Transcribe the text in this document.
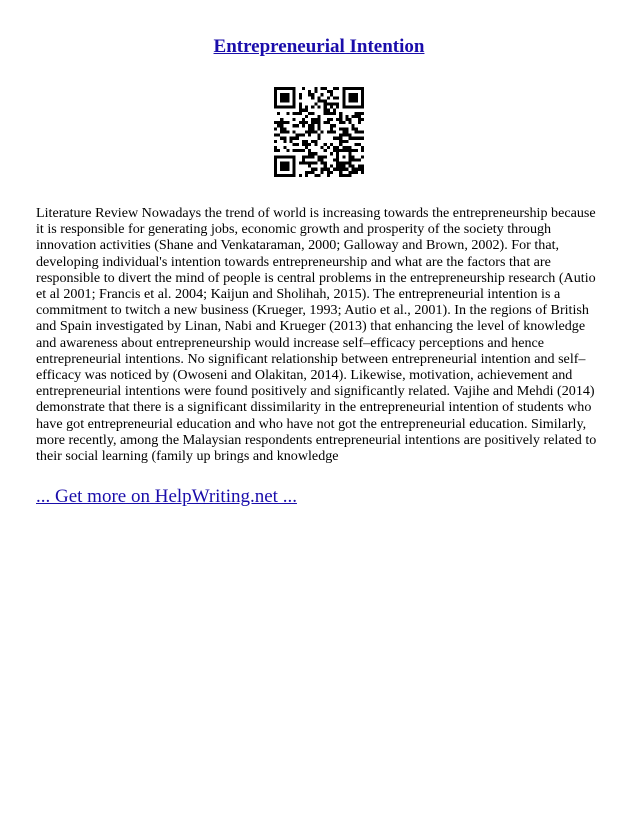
Entrepreneurial Intention

Literature Review Nowadays the trend of world is increasing towards the entrepreneurship because it is responsible for generating jobs, economic growth and prosperity of the society through innovation activities (Shane and Venkataraman, 2000; Galloway and Brown, 2002). For that, developing individual's intention towards entrepreneurship and what are the factors that are responsible to divert the mind of people is central problems in the entrepreneurship research (Autio et al 2001; Francis et al. 2004; Kaijun and Sholihah, 2015). The entrepreneurial intention is a commitment to twitch a new business (Krueger, 1993; Autio et al., 2001). In the regions of British and Spain investigated by Linan, Nabi and Krueger (2013) that enhancing the level of knowledge and awareness about entrepreneurship would increase self–efficacy perceptions and hence entrepreneurial intentions. No significant relationship between entrepreneurial intention and self–efficacy was noticed by (Owoseni and Olakitan, 2014). Likewise, motivation, achievement and entrepreneurial intentions were found positively and significantly related. Vajihe and Mehdi (2014) demonstrate that there is a significant dissimilarity in the entrepreneurial intention of students who have got entrepreneurial education and who have not got the entrepreneurial education. Similarly, more recently, among the Malaysian respondents entrepreneurial intentions are positively related to their social learning (family up brings and knowledge

... Get more on HelpWriting.net ...
